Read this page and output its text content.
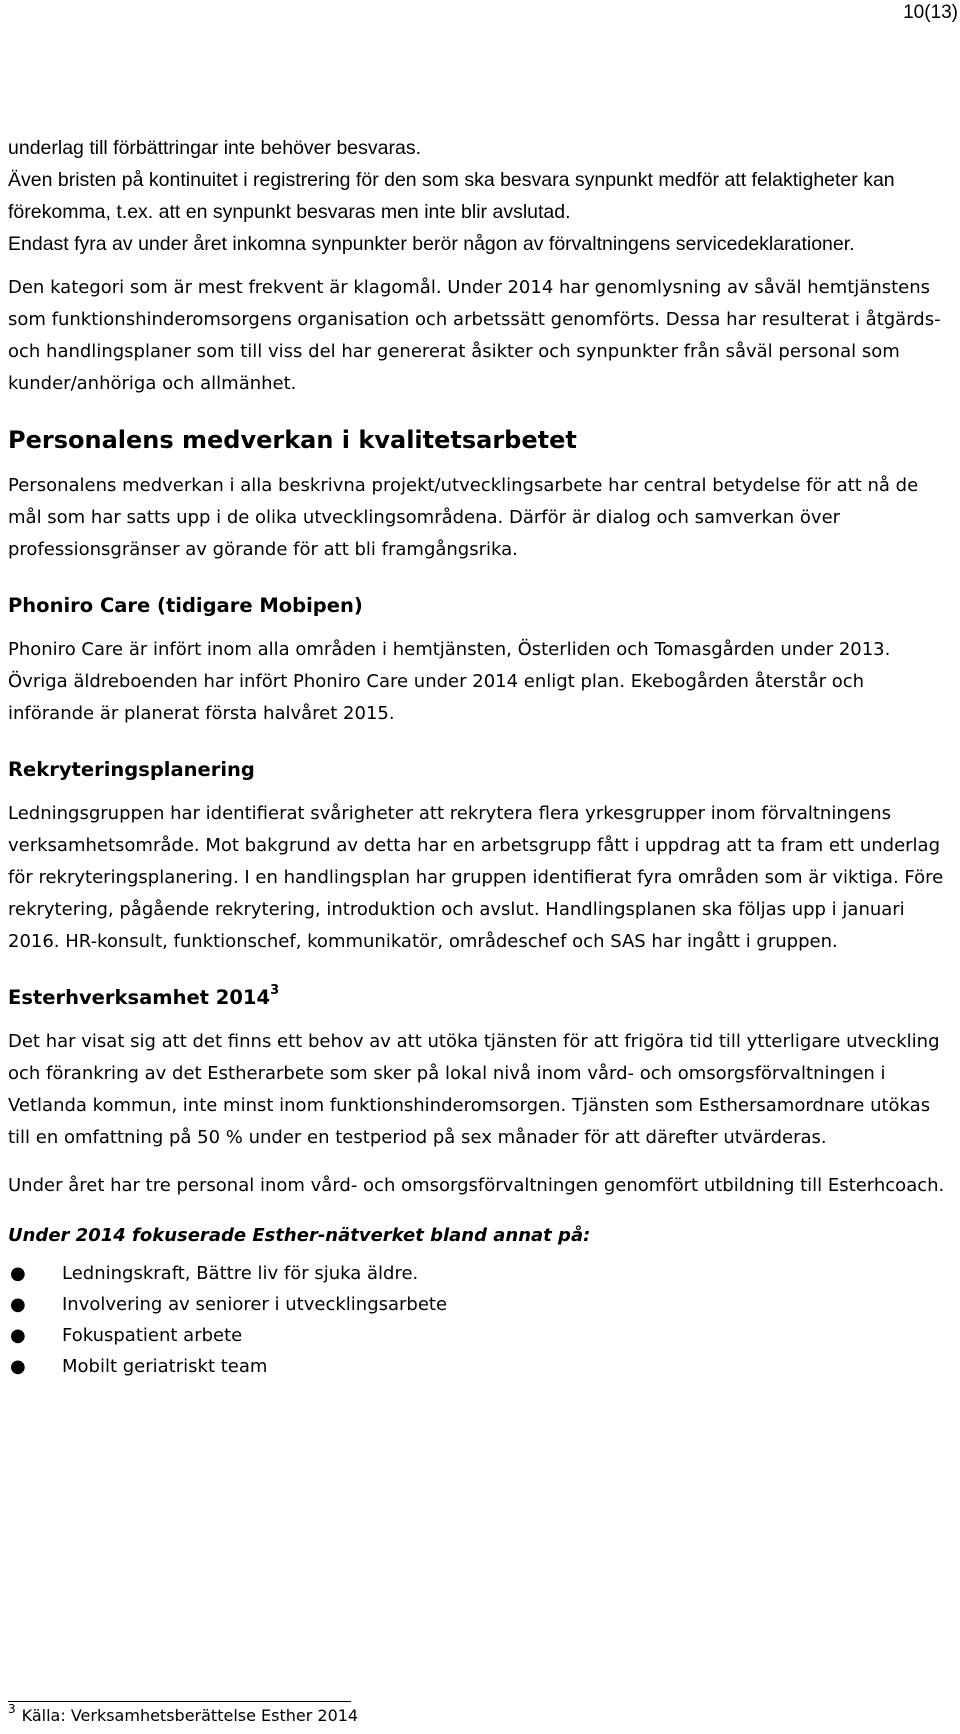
10(13)

underlag till förbättringar inte behöver besvaras.

Även bristen på kontinuitet i registrering för den som ska besvara synpunkt medför att felaktigheter kan förekomma, t.ex. att en synpunkt besvaras men inte blir avslutad.

Endast fyra av under året inkomna synpunkter berör någon av förvaltningens servicedeklarationer.

Den kategori som är mest frekvent är klagomål. Under 2014 har genomlysning av såväl hemtjänstens som funktionshinderomsorgens organisation och arbetssätt genomförts. Dessa har resulterat i åtgärds- och handlingsplaner som till viss del har genererat åsikter och synpunkter från såväl personal som kunder/anhöriga och allmänhet.

Personalens medverkan i kvalitetsarbetet

Personalens medverkan i alla beskrivna projekt/utvecklingsarbete har central betydelse för att nå de mål som har satts upp i de olika utvecklingsområdena. Därför är dialog och samverkan över professionsgränser av görande för att bli framgångsrika.

Phoniro Care (tidigare Mobipen)

Phoniro Care är infört inom alla områden i hemtjänsten, Österliden och Tomasgården under 2013. Övriga äldreboenden har infört Phoniro Care under 2014 enligt plan. Ekebogården återstår och införande är planerat första halvåret 2015.

Rekryteringsplanering

Ledningsgruppen har identifierat svårigheter att rekrytera flera yrkesgrupper inom förvaltningens verksamhetsområde. Mot bakgrund av detta har en arbetsgrupp fått i uppdrag att ta fram ett underlag för rekryteringsplanering. I en handlingsplan har gruppen identifierat fyra områden som är viktiga. Före rekrytering, pågående rekrytering, introduktion och avslut. Handlingsplanen ska följas upp i januari 2016. HR-konsult, funktionschef, kommunikatör, områdeschef och SAS har ingått i gruppen.

Esterhverksamhet 2014$^3$

Det har visat sig att det finns ett behov av att utöka tjänsten för att frigöra tid till ytterligare utveckling och förankring av det Estherarbete som sker på lokal nivå inom vård- och omsorgsförvaltningen i Vetlanda kommun, inte minst inom funktionshinderomsorgen. Tjänsten som Esthersamordnare utökas till en omfattning på 50 % under en testperiod på sex månader för att därefter utvärderas.

Under året har tre personal inom vård- och omsorgsförvaltningen genomfört utbildning till Esterhcoach.

Under 2014 fokuserade Esther-nätverket bland annat på:

● Ledningskraft, Bättre liv för sjuka äldre.
● Involvering av seniorer i utvecklingsarbete
● Fokuspatient arbete
● Mobilt geriatriskt team
$^3$ Källa: Verksamhetsberättelse Esther 2014
